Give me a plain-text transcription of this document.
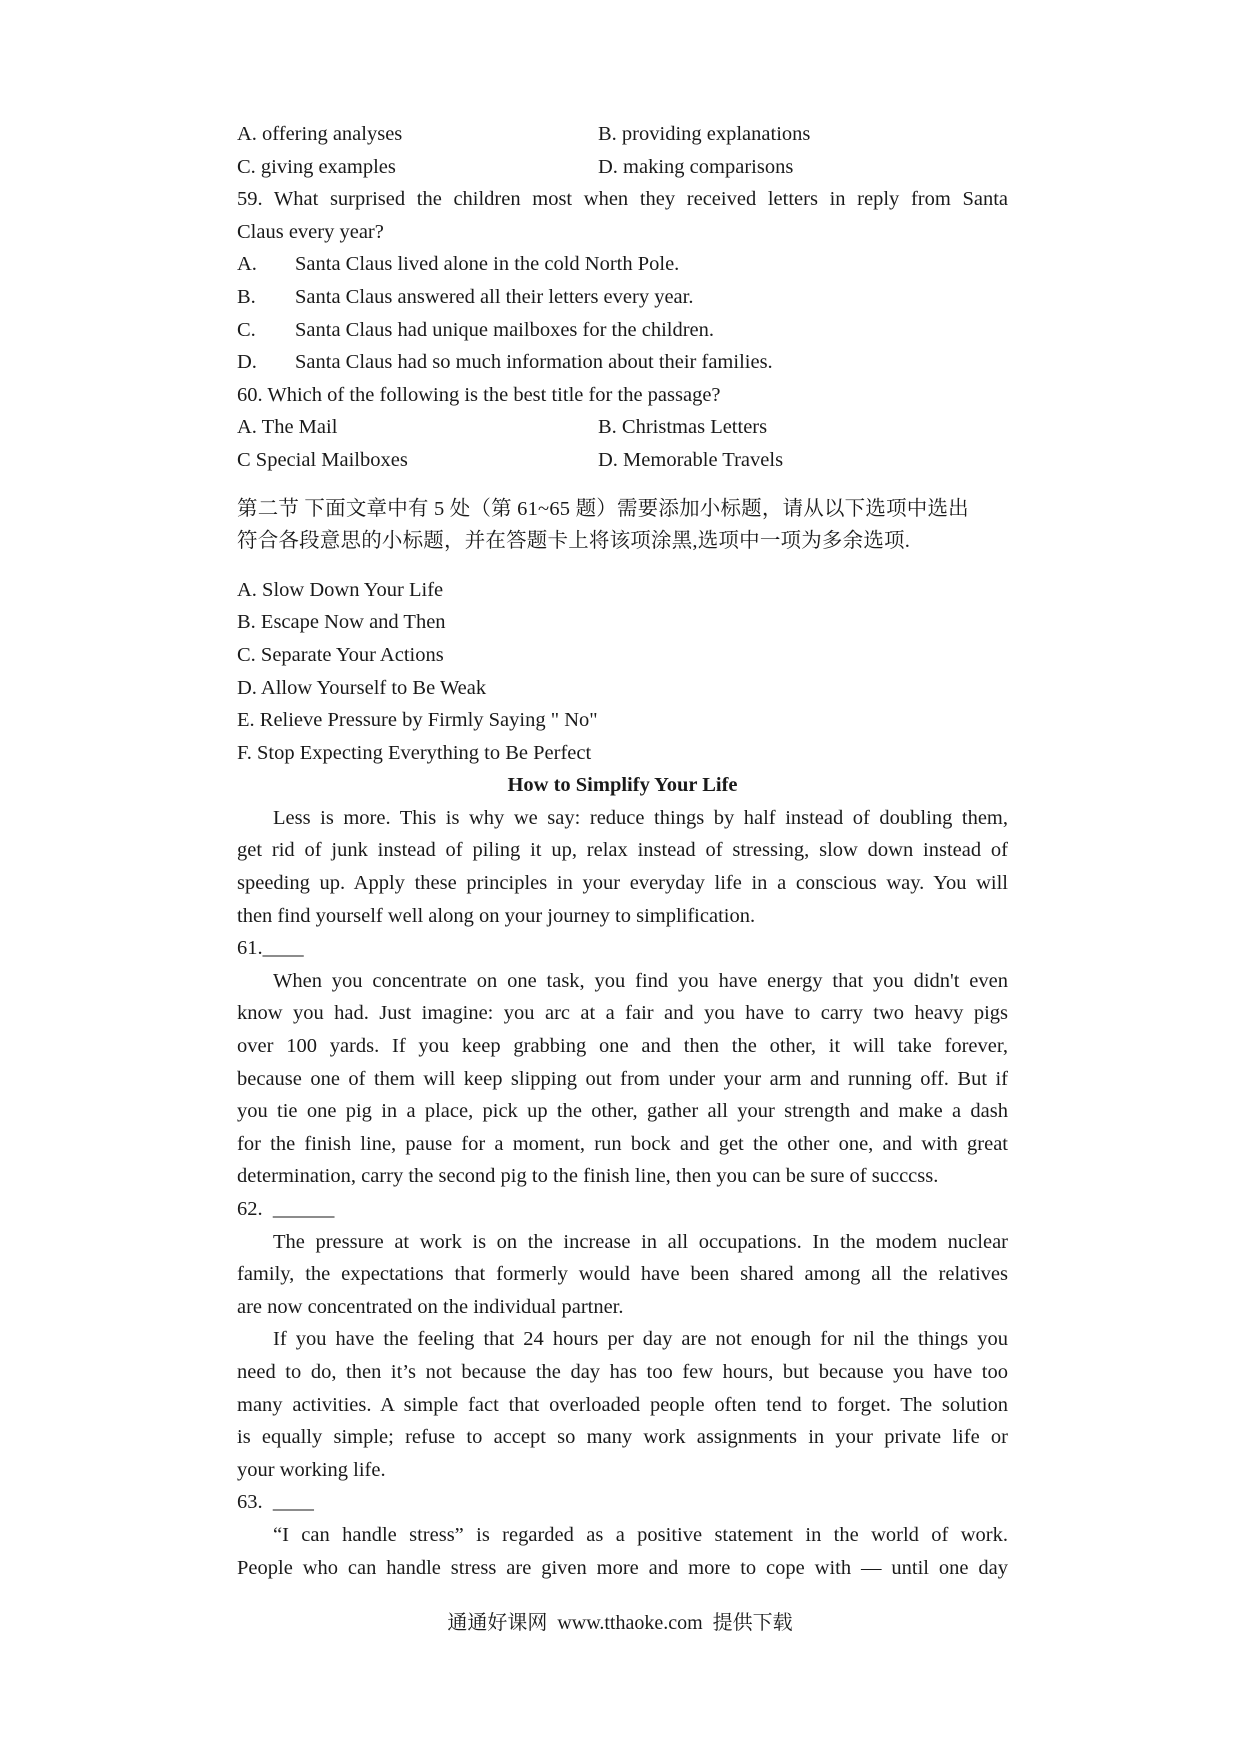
A. offering analyses	B. providing explanations
C. giving examples	D. making comparisons
59. What surprised the children most when they received letters in reply from Santa
Claus every year?
A.	Santa Claus lived alone in the cold North Pole.
B.	Santa Claus answered all their letters every year.
C.	Santa Claus had unique mailboxes for the children.
D.	Santa Claus had so much information about their families.
60. Which of the following is the best title for the passage?
A. The Mail	B. Christmas Letters
C Special Mailboxes	D. Memorable Travels
第二节 下面文章中有 5 处（第 61~65 题）需要添加小标题，请从以下选项中选出
符合各段意思的小标题，并在答题卡上将该项涂黑,选项中一项为多余选项.
A. Slow Down Your Life
B. Escape Now and Then
C. Separate Your Actions
D. Allow Yourself to Be Weak
E. Relieve Pressure by Firmly Saying " No"
F. Stop Expecting Everything to Be Perfect
How to Simplify Your Life
Less is more. This is why we say: reduce things by half instead of doubling them,
get rid of junk instead of piling it up, relax instead of stressing, slow down instead of
speeding up. Apply these principles in your everyday life in a conscious way. You will
then find yourself well along on your journey to simplification.
61.____
When you concentrate on one task, you find you have energy that you didn't even
know you had. Just imagine: you arc at a fair and you have to carry two heavy pigs
over 100 yards. If you keep grabbing one and then the other, it will take forever,
because one of them will keep slipping out from under your arm and running off. But if
you tie one pig in a place, pick up the other, gather all your strength and make a dash
for the finish line, pause for a moment, run bock and get the other one, and with great
determination, carry the second pig to the finish line, then you can be sure of succcss.
62.  ______
The pressure at work is on the increase in all occupations. In the modem nuclear
family, the expectations that formerly would have been shared among all the relatives
are now concentrated on the individual partner.
If you have the feeling that 24 hours per day are not enough for nil the things you
need to do, then it’s not because the day has too few hours, but because you have too
many activities. A simple fact that overloaded people often tend to forget. The solution
is equally simple; refuse to accept so many work assignments in your private life or
your working life.
63.  ____
“I can handle stress” is regarded as a positive statement in the world of work.
People who can handle stress are given more and more to cope with — until one day
通通好课网  www.tthaoke.com  提供下载
